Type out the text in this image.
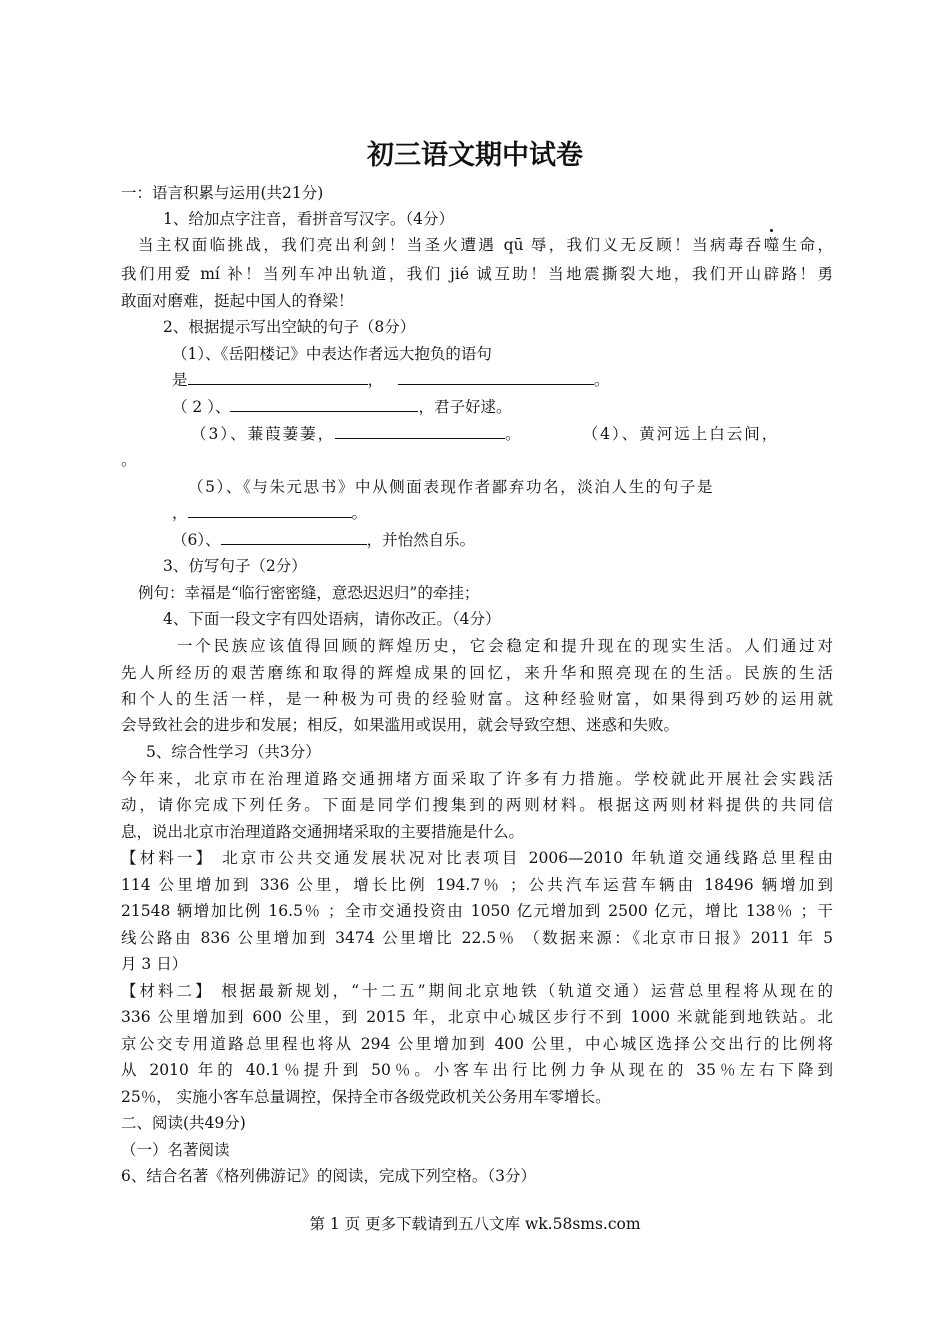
初三语文期中试卷
一：语言积累与运用(共21分)
1、给加点字注音，看拼音写汉字。（4分）
当主权面临挑战，我们亮出利剑！当圣火遭遇 qū 辱，我们义无反顾！当病毒吞噬生命，
我们用爱 mí 补！当列车冲出轨道，我们 jié 诚互助！当地震撕裂大地，我们开山辟路！勇
敢面对磨难，挺起中国人的脊梁！
2、根据提示写出空缺的句子（8分）
（1）、《岳阳楼记》中表达作者远大抱负的语句
是	，	。
（ 2 ）、	，君子好逑。
（3）、蒹葭萋萋，	。	（4）、黄河远上白云间，
。
（5）、《与朱元思书》中从侧面表现作者鄙弃功名，淡泊人生的句子是
，	。
（6）、	，并怡然自乐。
3、仿写句子（2分）
例句：幸福是“临行密密缝，意恐迟迟归”的牵挂；
4、下面一段文字有四处语病，请你改正。（4分）
一个民族应该值得回顾的辉煌历史，它会稳定和提升现在的现实生活。人们通过对
先人所经历的艰苦磨练和取得的辉煌成果的回忆，来升华和照亮现在的生活。民族的生活
和个人的生活一样，是一种极为可贵的经验财富。这种经验财富，如果得到巧妙的运用就
会导致社会的进步和发展；相反，如果滥用或误用，就会导致空想、迷惑和失败。
5、综合性学习（共3分）
今年来，北京市在治理道路交通拥堵方面采取了许多有力措施。学校就此开展社会实践活
动，请你完成下列任务。下面是同学们搜集到的两则材料。根据这两则材料提供的共同信
息，说出北京市治理道路交通拥堵采取的主要措施是什么。
【材料一】 北京市公共交通发展状况对比表项目 2006—2010 年轨道交通线路总里程由
114 公里增加到 336 公里，增长比例 194.7％ ；公共汽车运营车辆由 18496 辆增加到
21548 辆增加比例 16.5％ ；全市交通投资由 1050 亿元增加到 2500 亿元，增比 138％ ；干
线公路由 836 公里增加到 3474 公里增比 22.5％ （数据来源：《北京市日报》2011 年 5
月 3 日）
【材料二】 根据最新规划，“十二五”期间北京地铁（轨道交通）运营总里程将从现在的
336 公里增加到 600 公里，到 2015 年，北京中心城区步行不到 1000 米就能到地铁站。北
京公交专用道路总里程也将从 294 公里增加到 400 公里，中心城区选择公交出行的比例将
从 2010 年的 40.1％提升到 50％。小客车出行比例力争从现在的 35％左右下降到
25％， 实施小客车总量调控，保持全市各级党政机关公务用车零增长。
二、阅读(共49分)
（一）名著阅读
6、结合名著《格列佛游记》的阅读，完成下列空格。（3分）
第 1 页 更多下载请到五八文库 wk.58sms.com
